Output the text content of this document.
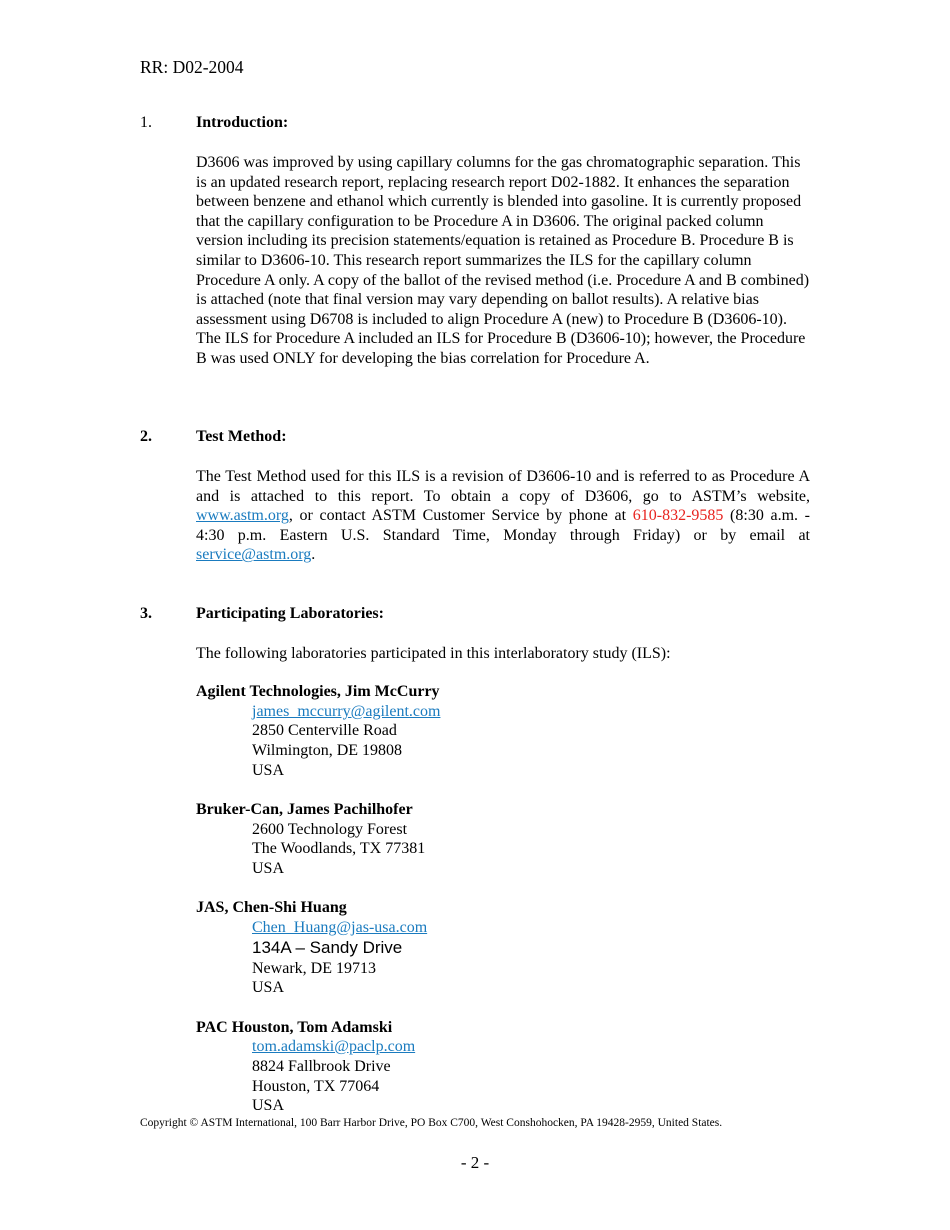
RR: D02-2004
1.	Introduction:

D3606 was improved by using capillary columns for the gas chromatographic separation. This is an updated research report, replacing research report D02-1882. It enhances the separation between benzene and ethanol which currently is blended into gasoline. It is currently proposed that the capillary configuration to be Procedure A in D3606. The original packed column version including its precision statements/equation is retained as Procedure B. Procedure B is similar to D3606-10. This research report summarizes the ILS for the capillary column Procedure A only. A copy of the ballot of the revised method (i.e. Procedure A and B combined) is attached (note that final version may vary depending on ballot results). A relative bias assessment using D6708 is included to align Procedure A (new) to Procedure B (D3606-10). The ILS for Procedure A included an ILS for Procedure B (D3606-10); however, the Procedure B was used ONLY for developing the bias correlation for Procedure A.

2.	Test Method:

The Test Method used for this ILS is a revision of D3606-10 and is referred to as Procedure A and is attached to this report. To obtain a copy of D3606, go to ASTM’s website, www.astm.org, or contact ASTM Customer Service by phone at 610-832-9585 (8:30 a.m. - 4:30 p.m. Eastern U.S. Standard Time, Monday through Friday) or by email at service@astm.org.

3.	Participating Laboratories:

The following laboratories participated in this interlaboratory study (ILS):

Agilent Technologies, Jim McCurry
james_mccurry@agilent.com
2850 Centerville Road
Wilmington, DE 19808
USA
Bruker-Can, James Pachilhofer
2600 Technology Forest
The Woodlands, TX 77381
USA
JAS, Chen-Shi Huang
Chen_Huang@jas-usa.com
134A – Sandy Drive
Newark, DE 19713
USA
PAC Houston, Tom Adamski
tom.adamski@paclp.com
8824 Fallbrook Drive
Houston, TX 77064
USA
Copyright © ASTM International, 100 Barr Harbor Drive, PO Box C700, West Conshohocken, PA 19428-2959, United States.
- 2 -
